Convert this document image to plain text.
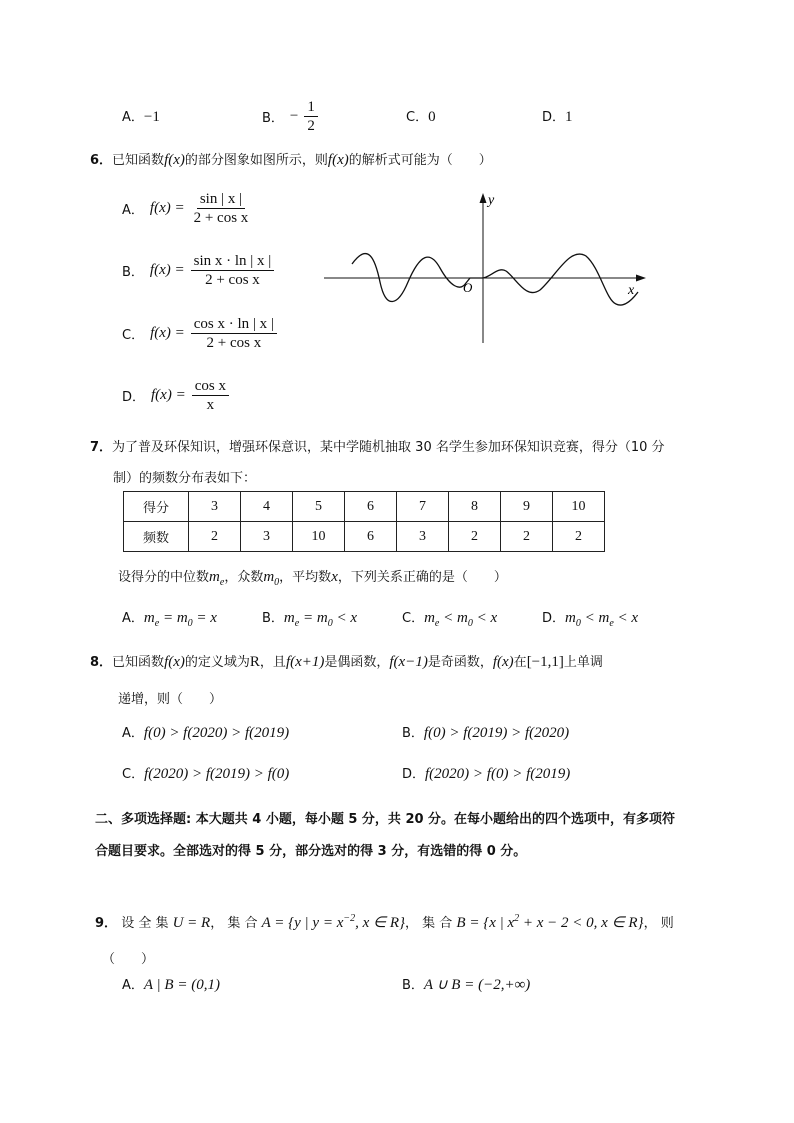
A．−1	B． − $\frac{1}{2}$	C．0	D．1
6．已知函数f(x)的部分图象如图所示，则f(x)的解析式可能为（　　）
A． $f(x) = \frac{\sin | x |}{\text{2 + cos x}}$
B． $f(x) = \frac{\text{sin x · ln | x |}}{\text{2 + cos x}}$
C． $f(x) = \frac{\text{cos x · ln | x |}}{\text{2 + cos x}}$
D． $f(x) = \frac{\text{cos x}}{x}$
x
y
O
7．为了普及环保知识，增强环保意识，某中学随机抽取 30 名学生参加环保知识竞赛，得分（10 分
制）的频数分布表如下：
得分	3	4	5	6	7	8	9	10
频数	2	3	10	6	3	2	2	2
设得分的中位数$m_e$，众数$m_0$，平均数x，下列关系正确的是（　　）
A．$m_e = m_0 = x$	B．$m_e = m_0 < x$	C．$m_e < m_0 < x$	D．$m_0 < m_e < x$
8．已知函数f(x)的定义域为R，且f(x+1)是偶函数，f(x−1)是奇函数，f(x)在[−1,1]上单调
递增，则（　　）
A．f(0) > f(2020) > f(2019)	B．f(0) > f(2019) > f(2020)
C．f(2020) > f(2019) > f(0)	D．f(2020) > f(0) > f(2019)
二、多项选择题: 本大题共 4 小题，每小题 5 分，共 20 分。在每小题给出的四个选项中，有多项符
合题目要求。全部选对的得 5 分，部分选对的得 3 分，有选错的得 0 分。
9． 设 全 集 U = R， 集 合 A = {y | $y = x^{-2}$, x ∈ R}， 集 合 B = {x | $x^2 + x - 2 < 0$, x ∈ R}， 则
（　　）
A．A | B = (0,1)	B．A ∪ B = (−2,+∞)
